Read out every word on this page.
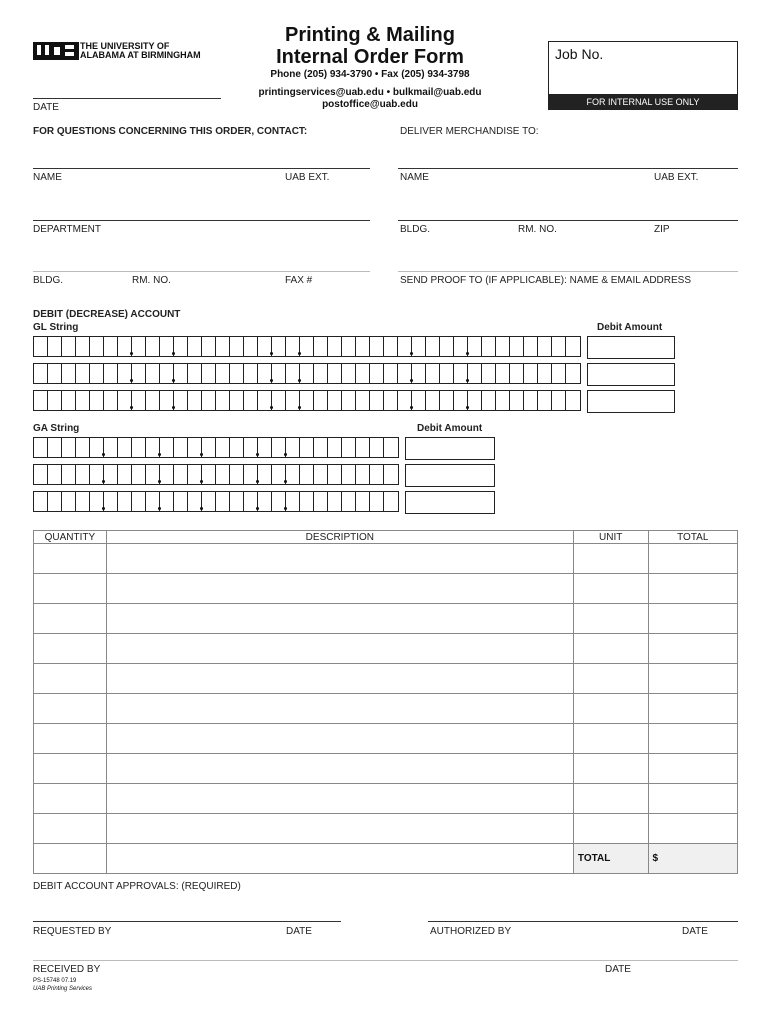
THE UNIVERSITY OF
ALABAMA AT BIRMINGHAM
Printing & Mailing
Internal Order Form
Phone (205) 934-3790 • Fax (205) 934-3798
printingservices@uab.edu • bulkmail@uab.edu
postoffice@uab.edu
Job No.
FOR INTERNAL USE ONLY
DATE
FOR QUESTIONS CONCERNING THIS ORDER, CONTACT:	DELIVER MERCHANDISE TO:
NAME	UAB EXT.	NAME	UAB EXT.
DEPARTMENT	BLDG.	RM. NO.	ZIP
BLDG.	RM. NO.	FAX #	SEND PROOF TO (IF APPLICABLE): NAME & EMAIL ADDRESS
DEBIT (DECREASE) ACCOUNT
GL String	Debit Amount
GA String	Debit Amount
QUANTITY	DESCRIPTION	UNIT	TOTAL

		TOTAL	$
DEBIT ACCOUNT APPROVALS: (REQUIRED)
REQUESTED BY	DATE	AUTHORIZED BY	DATE
RECEIVED BY	DATE
PS-15748 07.19
UAB Printing Services
